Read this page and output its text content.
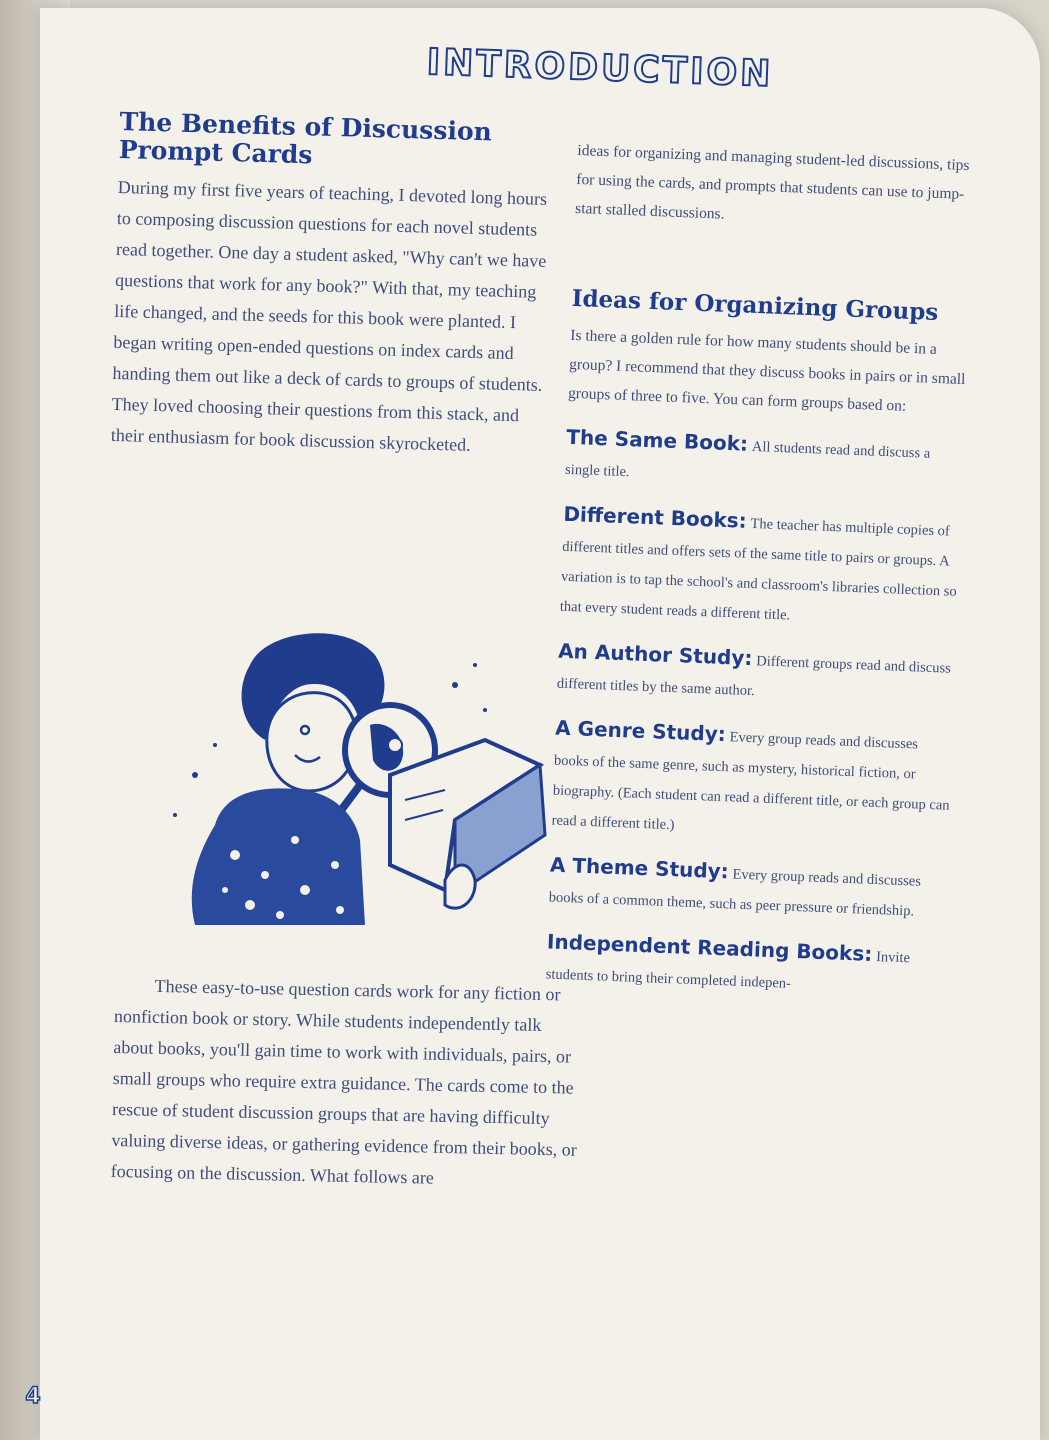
INTRODUCTION
The Benefits of Discussion Prompt Cards

During my first five years of teaching, I devoted long hours to composing discussion questions for each novel students read together. One day a student asked, "Why can't we have questions that work for any book?" With that, my teaching life changed, and the seeds for this book were planted. I began writing open-ended questions on index cards and handing them out like a deck of cards to groups of students. They loved choosing their questions from this stack, and their enthusiasm for book discussion skyrocketed.

These easy-to-use question cards work for any fiction or nonfiction book or story. While students independently talk about books, you'll gain time to work with individuals, pairs, or small groups who require extra guidance. The cards come to the rescue of student discussion groups that are having difficulty valuing diverse ideas, or gathering evidence from their books, or focusing on the discussion. What follows are

ideas for organizing and managing student-led discussions, tips for using the cards, and prompts that students can use to jump-start stalled discussions.

Ideas for Organizing Groups

Is there a golden rule for how many students should be in a group? I recommend that they discuss books in pairs or in small groups of three to five. You can form groups based on:

The Same Book: All students read and discuss a single title.
Different Books: The teacher has multiple copies of different titles and offers sets of the same title to pairs or groups. A variation is to tap the school's and classroom's libraries collection so that every student reads a different title.
An Author Study: Different groups read and discuss different titles by the same author.
A Genre Study: Every group reads and discusses books of the same genre, such as mystery, historical fiction, or biography. (Each student can read a different title, or each group can read a different title.)
A Theme Study: Every group reads and discusses books of a common theme, such as peer pressure or friendship.
Independent Reading Books: Invite students to bring their completed indepen-
4
